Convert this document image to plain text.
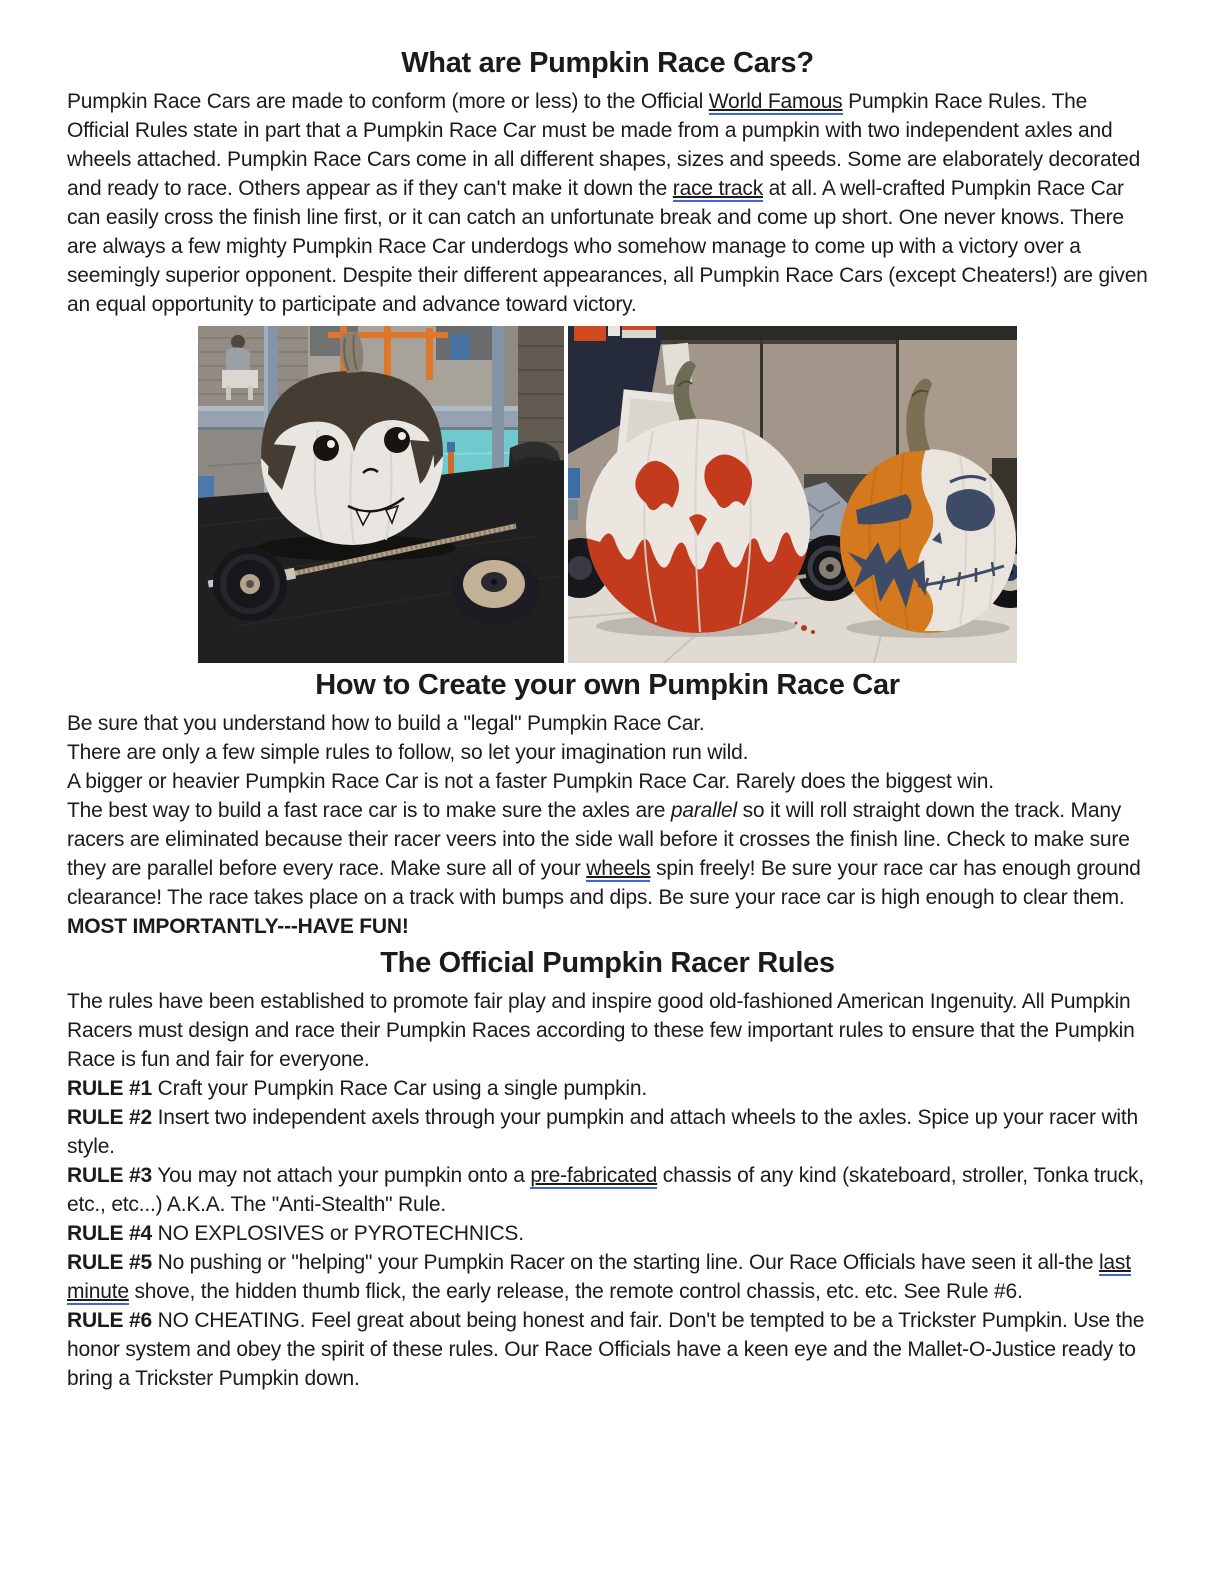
What are Pumpkin Race Cars?

Pumpkin Race Cars are made to conform (more or less) to the Official World Famous Pumpkin Race Rules. The Official Rules state in part that a Pumpkin Race Car must be made from a pumpkin with two independent axles and wheels attached. Pumpkin Race Cars come in all different shapes, sizes and speeds. Some are elaborately decorated and ready to race. Others appear as if they can't make it down the race track at all. A well-crafted Pumpkin Race Car can easily cross the finish line first, or it can catch an unfortunate break and come up short. One never knows. There are always a few mighty Pumpkin Race Car underdogs who somehow manage to come up with a victory over a seemingly superior opponent. Despite their different appearances, all Pumpkin Race Cars (except Cheaters!) are given an equal opportunity to participate and advance toward victory.

How to Create your own Pumpkin Race Car

Be sure that you understand how to build a "legal" Pumpkin Race Car.

There are only a few simple rules to follow, so let your imagination run wild.

A bigger or heavier Pumpkin Race Car is not a faster Pumpkin Race Car. Rarely does the biggest win.

The best way to build a fast race car is to make sure the axles are parallel so it will roll straight down the track. Many racers are eliminated because their racer veers into the side wall before it crosses the finish line. Check to make sure they are parallel before every race. Make sure all of your wheels spin freely! Be sure your race car has enough ground clearance! The race takes place on a track with bumps and dips. Be sure your race car is high enough to clear them.

MOST IMPORTANTLY---HAVE FUN!

The Official Pumpkin Racer Rules

The rules have been established to promote fair play and inspire good old-fashioned American Ingenuity. All Pumpkin Racers must design and race their Pumpkin Races according to these few important rules to ensure that the Pumpkin Race is fun and fair for everyone.

RULE #1 Craft your Pumpkin Race Car using a single pumpkin.

RULE #2 Insert two independent axels through your pumpkin and attach wheels to the axles. Spice up your racer with style.

RULE #3 You may not attach your pumpkin onto a pre-fabricated chassis of any kind (skateboard, stroller, Tonka truck, etc., etc...) A.K.A. The "Anti-Stealth" Rule.

RULE #4 NO EXPLOSIVES or PYROTECHNICS.

RULE #5 No pushing or "helping" your Pumpkin Racer on the starting line. Our Race Officials have seen it all-the last minute shove, the hidden thumb flick, the early release, the remote control chassis, etc. etc. See Rule #6.

RULE #6 NO CHEATING. Feel great about being honest and fair. Don't be tempted to be a Trickster Pumpkin. Use the honor system and obey the spirit of these rules. Our Race Officials have a keen eye and the Mallet-O-Justice ready to bring a Trickster Pumpkin down.
